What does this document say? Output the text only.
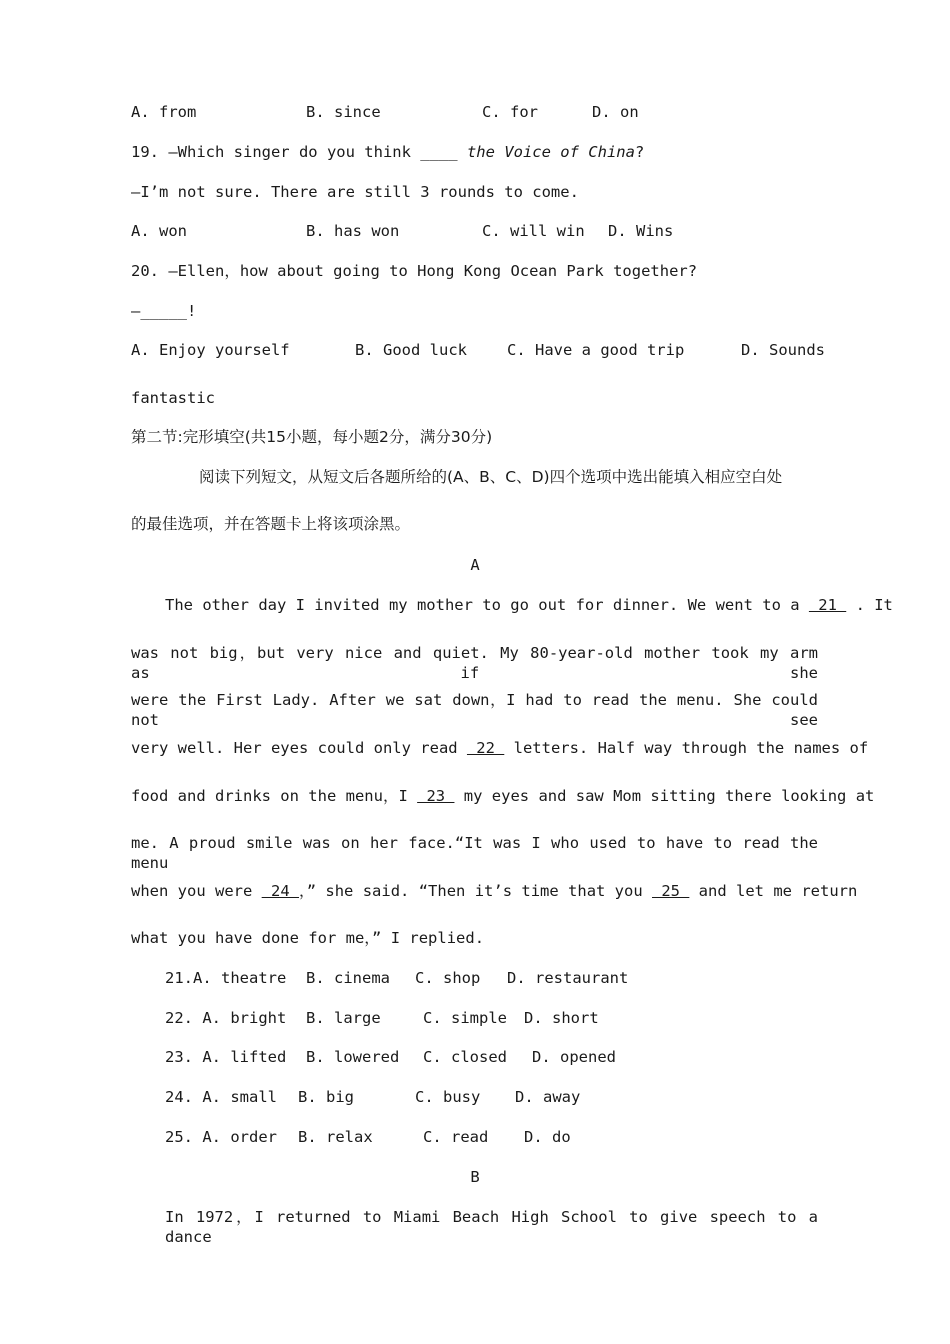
A. from	B. since	C. for	D. on
19. —Which singer do you think ____ the Voice of China?
—I’m not sure. There are still 3 rounds to come.
A. won	B. has won	C. will win D. Wins
20. —Ellen，how about going to Hong Kong Ocean Park together?
—_____!
A. Enjoy yourself	B. Good luck	C. Have a good trip	D. Sounds
fantastic
第二节:完形填空(共15小题，每小题2分，满分30分)
阅读下列短文，从短文后各题所给的(A、B、C、D)四个选项中选出能填入相应空白处
的最佳选项，并在答题卡上将该项涂黑。
A
The other day I invited my mother to go out for dinner. We went to a  21  . It
was not big，but very nice and quiet. My 80-year-old mother took my arm as if she
were the First Lady. After we sat down，I had to read the menu. She could not see
very well. Her eyes could only read  22  letters. Half way through the names of
food and drinks on the menu，I  23  my eyes and saw Mom sitting there looking at
me. A proud smile was on her face.“It was I who used to have to read the menu
when you were  24 ，” she said. “Then it’s time that you  25  and let me return
what you have done for me，” I replied.
21.A. theatre B. cinema C. shop D. restaurant
22. A. bright B. large	C. simple D. short
23. A. lifted B. lowered C. closed D. opened
24. A. small B. big	C. busy D. away
25. A. order B. relax	C. read D. do
B
In 1972，I returned to Miami Beach High School to give speech to a dance
